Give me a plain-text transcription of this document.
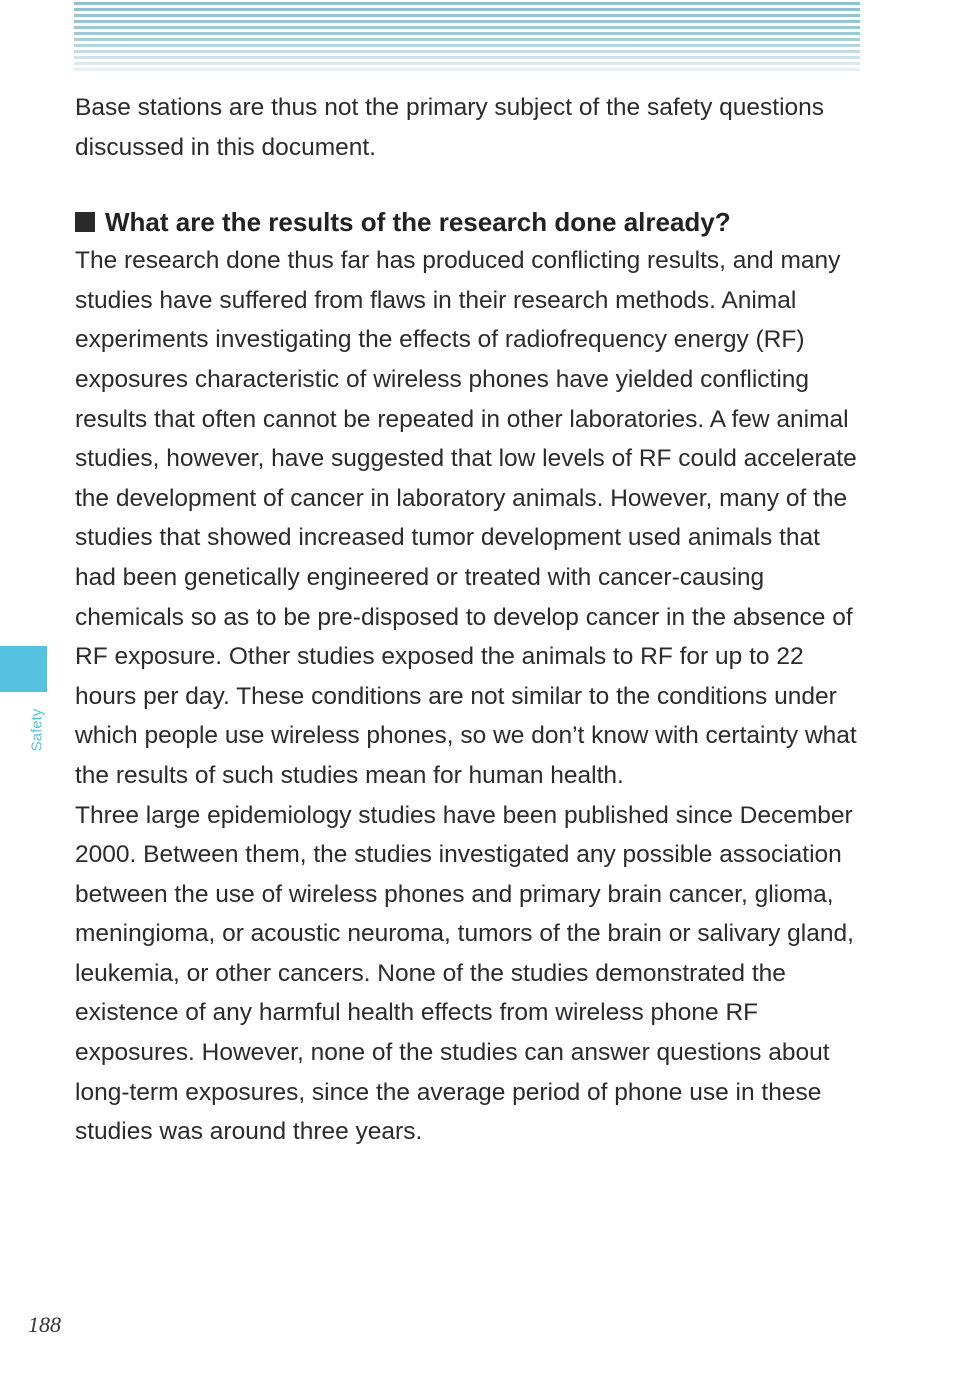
Safety

Base stations are thus not the primary subject of the safety questions discussed in this document.

What are the results of the research done already?

The research done thus far has produced conflicting results, and many studies have suffered from flaws in their research methods. Animal experiments investigating the effects of radiofrequency energy (RF) exposures characteristic of wireless phones have yielded conflicting results that often cannot be repeated in other laboratories. A few animal studies, however, have suggested that low levels of RF could accelerate the development of cancer in laboratory animals. However, many of the studies that showed increased tumor development used animals that had been genetically engineered or treated with cancer-causing chemicals so as to be pre-disposed to develop cancer in the absence of RF exposure. Other studies exposed the animals to RF for up to 22 hours per day. These conditions are not similar to the conditions under which people use wireless phones, so we don’t know with certainty what the results of such studies mean for human health.

Three large epidemiology studies have been published since December 2000. Between them, the studies investigated any possible association between the use of wireless phones and primary brain cancer, glioma, meningioma, or acoustic neuroma, tumors of the brain or salivary gland, leukemia, or other cancers. None of the studies demonstrated the existence of any harmful health effects from wireless phone RF exposures. However, none of the studies can answer questions about long-term exposures, since the average period of phone use in these studies was around three years.

188
